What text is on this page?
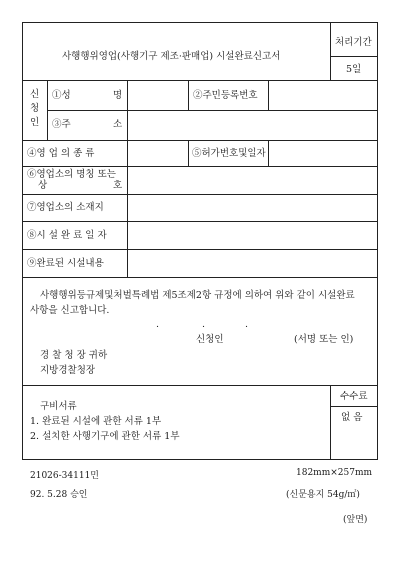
사행행위영업(사행기구 제조·판매업) 시설완료신고서
처리기간
5일
신
청
인
①성	명	②주민등록번호
③주	소
④영 업 의 종 류	⑤허가번호및일자
⑥영업소의 명칭 또는
상	호
⑦영업소의 소재지
⑧시 설 완 료 일 자
⑨완료된 시설내용
사행행위등규제및처벌특례법 제5조제2항 규정에 의하여 위와 같이 시설완료
사항을 신고합니다.
.	.	.
신청인	(서명 또는 인)
경 찰 청 장 귀하
지방경찰청장
구비서류
1. 완료된 시설에 관한 서류 1부
2. 설치한 사행기구에 관한 서류 1부
수수료
없 음
21026-34111민	182mm×257mm
92. 5.28 승인	(신문용지 54g/㎡)
(앞면)
